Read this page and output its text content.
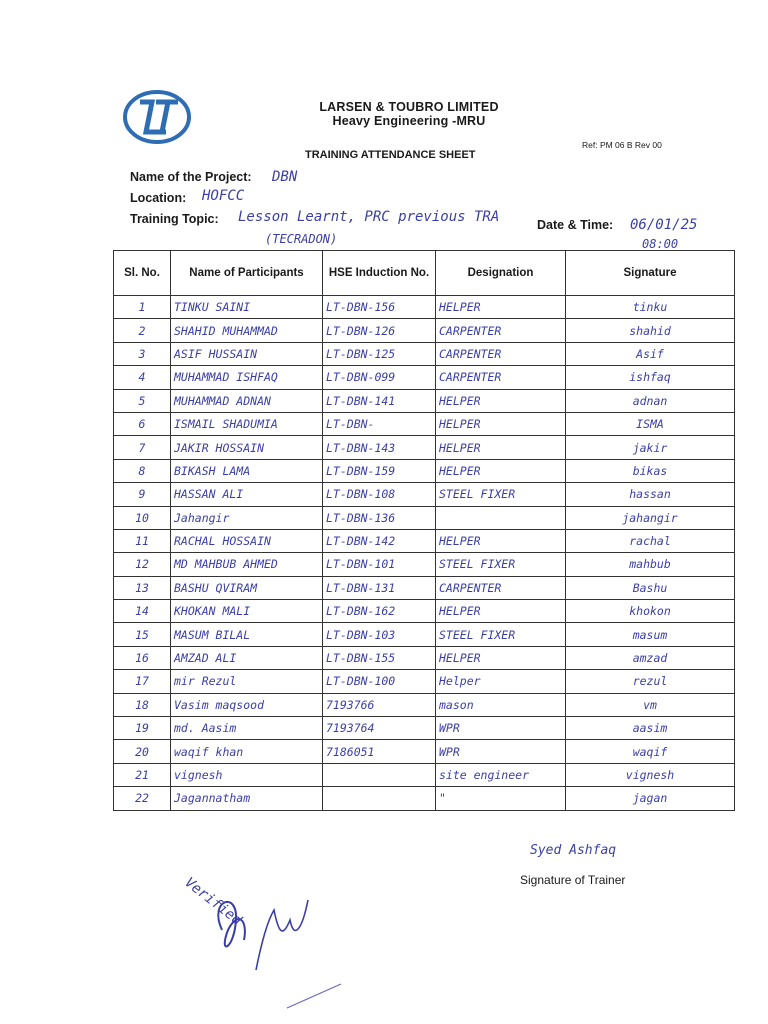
LARSEN & TOUBRO LIMITED
Heavy Engineering -MRU
Ref: PM 06 B Rev 00
TRAINING ATTENDANCE SHEET
Name of the Project: DBN
Location: HOFCC
Training Topic: Lesson Learnt, PRC previous TRA
(TECRADON)
Date & Time: 06/01/25
08:00
Sl. No.	Name of Participants	HSE Induction No.	Designation	Signature
1	TINKU SAINI	LT-DBN-156	HELPER	tinku
2	SHAHID MUHAMMAD	LT-DBN-126	CARPENTER	shahid
3	ASIF HUSSAIN	LT-DBN-125	CARPENTER	Asif
4	MUHAMMAD ISHFAQ	LT-DBN-099	CARPENTER	ishfaq
5	MUHAMMAD ADNAN	LT-DBN-141	HELPER	adnan
6	ISMAIL SHADUMIA	LT-DBN-	HELPER	ISMA
7	JAKIR HOSSAIN	LT-DBN-143	HELPER	jakir
8	BIKASH LAMA	LT-DBN-159	HELPER	bikas
9	HASSAN ALI	LT-DBN-108	STEEL FIXER	hassan
10	Jahangir	LT-DBN-136		jahangir
11	RACHAL HOSSAIN	LT-DBN-142	HELPER	rachal
12	MD MAHBUB AHMED	LT-DBN-101	STEEL FIXER	mahbub
13	BASHU QVIRAM	LT-DBN-131	CARPENTER	Bashu
14	KHOKAN MALI	LT-DBN-162	HELPER	khokon
15	MASUM BILAL	LT-DBN-103	STEEL FIXER	masum
16	AMZAD ALI	LT-DBN-155	HELPER	amzad
17	mir Rezul	LT-DBN-100	Helper	rezul
18	Vasim maqsood	7193766	mason	vm
19	md. Aasim	7193764	WPR	aasim
20	waqif khan	7186051	WPR	waqif
21	vignesh		site engineer	vignesh
22	Jagannatham		"	jagan
Syed Ashfaq
Signature of Trainer
Verified
